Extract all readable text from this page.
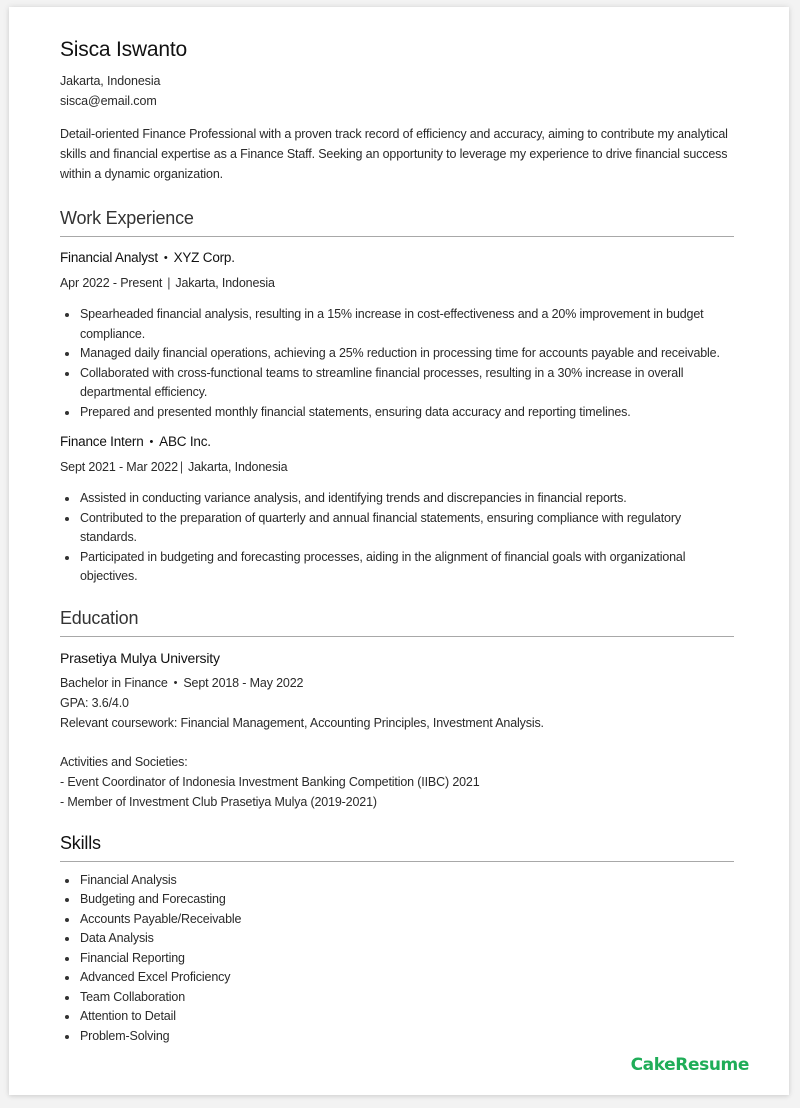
Sisca Iswanto
Jakarta, Indonesia
sisca@email.com

Detail-oriented Finance Professional with a proven track record of efficiency and accuracy, aiming to contribute my analytical skills and financial expertise as a Finance Staff. Seeking an opportunity to leverage my experience to drive financial success within a dynamic organization.

Work Experience
Financial Analyst • XYZ Corp.
Apr 2022 - Present | Jakarta, Indonesia
Spearheaded financial analysis, resulting in a 15% increase in cost-effectiveness and a 20% improvement in budget compliance.
Managed daily financial operations, achieving a 25% reduction in processing time for accounts payable and receivable.
Collaborated with cross-functional teams to streamline financial processes, resulting in a 30% increase in overall departmental efficiency.
Prepared and presented monthly financial statements, ensuring data accuracy and reporting timelines.
Finance Intern • ABC Inc.
Sept 2021 - Mar 2022 | Jakarta, Indonesia
Assisted in conducting variance analysis, and identifying trends and discrepancies in financial reports.
Contributed to the preparation of quarterly and annual financial statements, ensuring compliance with regulatory standards.
Participated in budgeting and forecasting processes, aiding in the alignment of financial goals with organizational objectives.
Education
Prasetiya Mulya University
Bachelor in Finance • Sept 2018 - May 2022
GPA: 3.6/4.0
Relevant coursework: Financial Management, Accounting Principles, Investment Analysis.
Activities and Societies:
- Event Coordinator of Indonesia Investment Banking Competition (IIBC) 2021
- Member of Investment Club Prasetiya Mulya (2019-2021)
Skills
Financial Analysis
Budgeting and Forecasting
Accounts Payable/Receivable
Data Analysis
Financial Reporting
Advanced Excel Proficiency
Team Collaboration
Attention to Detail
Problem-Solving
CakeResume
